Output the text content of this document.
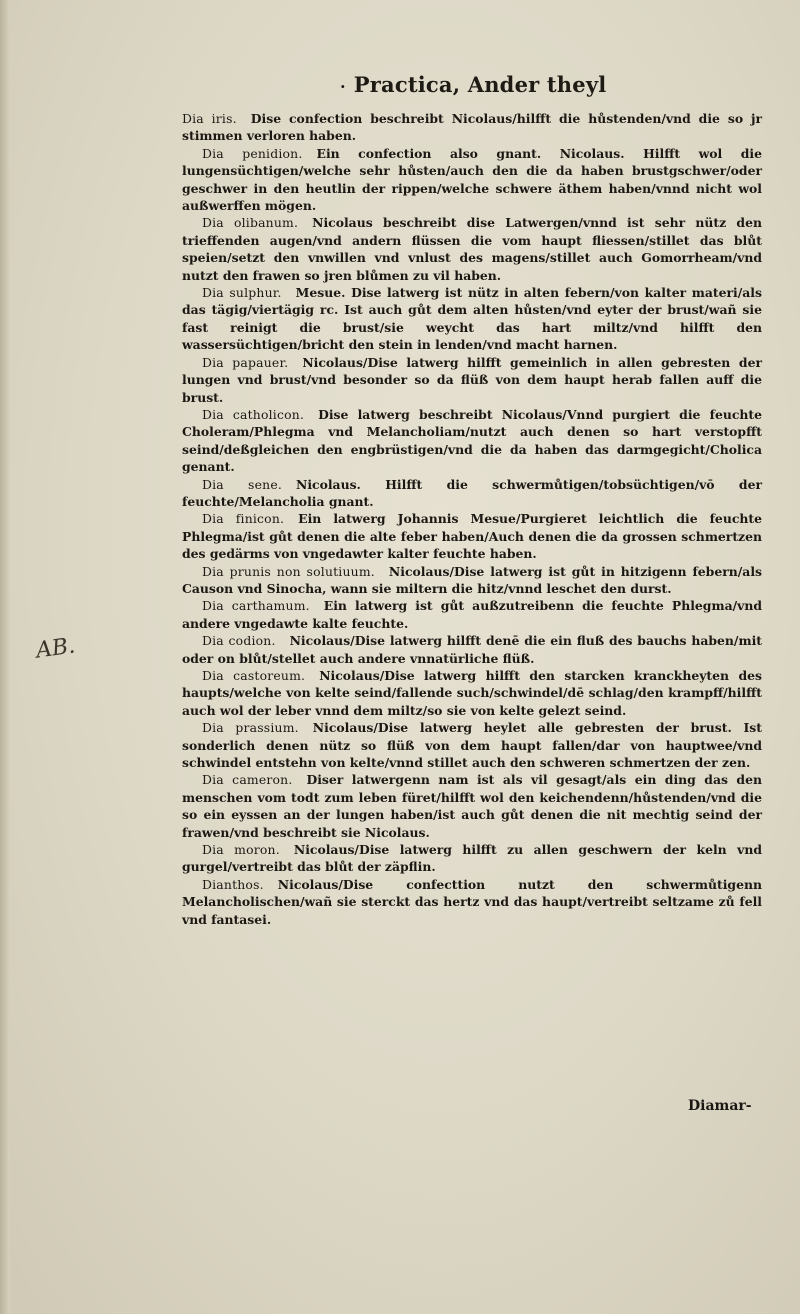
· Practica, Ander theyl
AB.

Dia iris. Dise confection beschreibt Nicolaus/hilfft die hůstenden/vnd die so jr stimmen verloren haben.

Dia penidion. Ein confection also gnant. Nicolaus. Hilfft wol die lungensüchtigen/welche sehr hůsten/auch den die da haben brustgschwer/oder geschwer in den heutlin der rippen/welche schwere äthem haben/vnnd nicht wol außwerffen mögen.

Dia olibanum. Nicolaus beschreibt dise Latwergen/vnnd ist sehr nütz den trieffenden augen/vnd andern flüssen die vom haupt fliessen/stillet das blůt speien/setzt den vnwillen vnd vnlust des magens/stillet auch Gomorrheam/vnd nutzt den frawen so jren blůmen zu vil haben.

Dia sulphur. Mesue. Dise latwerg ist nütz in alten febern/von kalter materi/als das tägig/viertägig rc. Ist auch gůt dem alten hůsten/vnd eyter der brust/wañ sie fast reinigt die brust/sie weycht das hart miltz/vnd hilfft den wassersüchtigen/bricht den stein in lenden/vnd macht harnen.

Dia papauer. Nicolaus/Dise latwerg hilfft gemeinlich in allen gebresten der lungen vnd brust/vnd besonder so da flüß von dem haupt herab fallen auff die brust.

Dia catholicon. Dise latwerg beschreibt Nicolaus/Vnnd purgiert die feuchte Choleram/Phlegma vnd Melancholiam/nutzt auch denen so hart verstopfft seind/deßgleichen den engbrüstigen/vnd die da haben das darmgegicht/Cholica genant.

Dia sene. Nicolaus. Hilfft die schwermůtigen/tobsüchtigen/vō der feuchte/Melancholia gnant.

Dia finicon. Ein latwerg Johannis Mesue/Purgieret leichtlich die feuchte Phlegma/ist gůt denen die alte feber haben/Auch denen die da grossen schmertzen des gedärms von vngedawter kalter feuchte haben.

Dia prunis non solutiuum. Nicolaus/Dise latwerg ist gůt in hitzigenn febern/als Causon vnd Sinocha, wann sie miltern die hitz/vnnd leschet den durst.

Dia carthamum. Ein latwerg ist gůt außzutreibenn die feuchte Phlegma/vnd andere vngedawte kalte feuchte.

Dia codion. Nicolaus/Dise latwerg hilfft denē die ein fluß des bauchs haben/mit oder on blůt/stellet auch andere vnnatürliche flüß.

Dia castoreum. Nicolaus/Dise latwerg hilfft den starcken kranckheyten des haupts/welche von kelte seind/fallende such/schwindel/dē schlag/den krampff/hilfft auch wol der leber vnnd dem miltz/so sie von kelte gelezt seind.

Dia prassium. Nicolaus/Dise latwerg heylet alle gebresten der brust. Ist sonderlich denen nütz so flüß von dem haupt fallen/dar von hauptwee/vnd schwindel entstehn von kelte/vnnd stillet auch den schweren schmertzen der zen.

Dia cameron. Diser latwergenn nam ist als vil gesagt/als ein ding das den menschen vom todt zum leben füret/hilfft wol den keichendenn/hůstenden/vnd die so ein eyssen an der lungen haben/ist auch gůt denen die nit mechtig seind der frawen/vnd beschreibt sie Nicolaus.

Dia moron. Nicolaus/Dise latwerg hilfft zu allen geschwern der keln vnd gurgel/vertreibt das blůt der zäpflin.

Dianthos. Nicolaus/Dise confecttion nutzt den schwermůtigenn Melancholischen/wañ sie sterckt das hertz vnd das haupt/vertreibt seltzame zů fell vnd fantasei.

Diamar-
